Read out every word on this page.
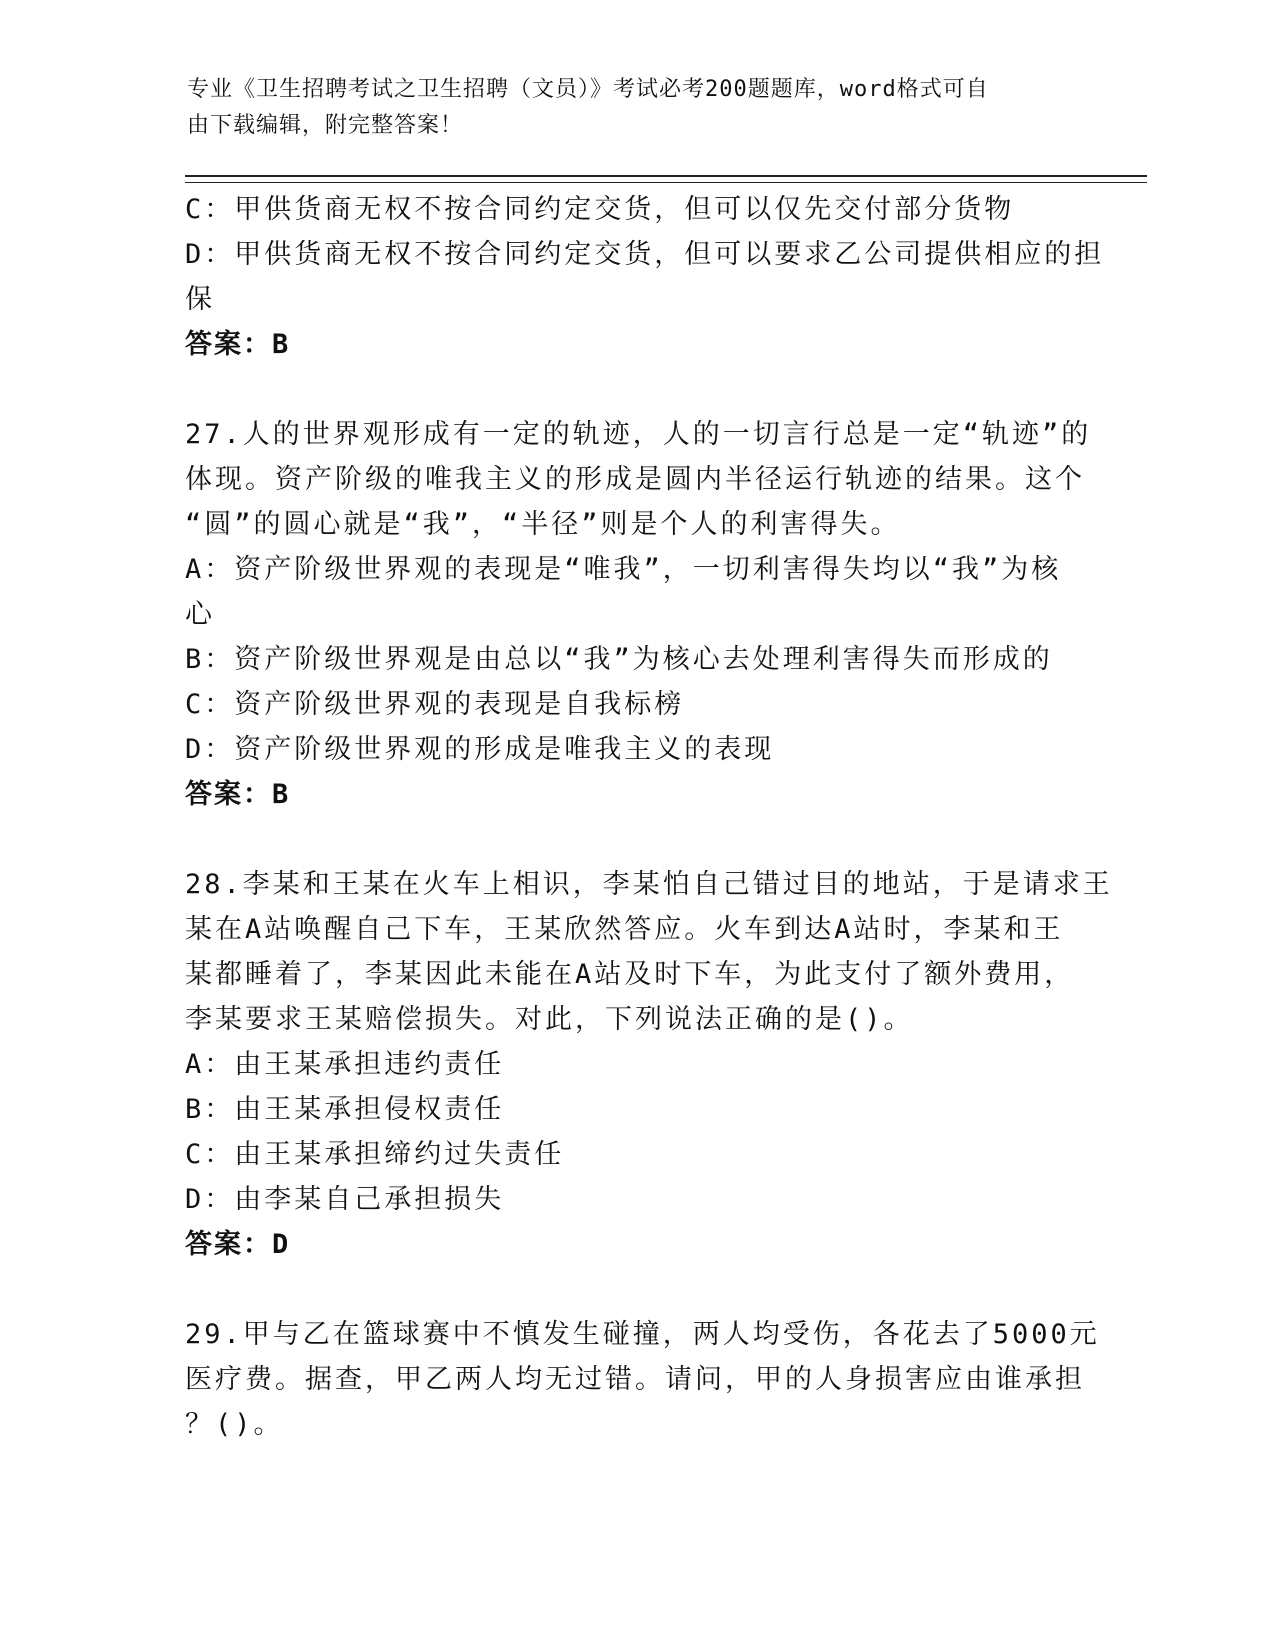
专业《卫生招聘考试之卫生招聘（文员）》考试必考200题题库，word格式可自
由下载编辑，附完整答案！
C：甲供货商无权不按合同约定交货，但可以仅先交付部分货物
D：甲供货商无权不按合同约定交货，但可以要求乙公司提供相应的担
保
答案：B
27.人的世界观形成有一定的轨迹，人的一切言行总是一定“轨迹”的
体现。资产阶级的唯我主义的形成是圆内半径运行轨迹的结果。这个
“圆”的圆心就是“我”，“半径”则是个人的利害得失。
A：资产阶级世界观的表现是“唯我”，一切利害得失均以“我”为核
心
B：资产阶级世界观是由总以“我”为核心去处理利害得失而形成的
C：资产阶级世界观的表现是自我标榜
D：资产阶级世界观的形成是唯我主义的表现
答案：B
28.李某和王某在火车上相识，李某怕自己错过目的地站，于是请求王
某在A站唤醒自己下车，王某欣然答应。火车到达A站时，李某和王
某都睡着了，李某因此未能在A站及时下车，为此支付了额外费用，
李某要求王某赔偿损失。对此，下列说法正确的是()。
A：由王某承担违约责任
B：由王某承担侵权责任
C：由王某承担缔约过失责任
D：由李某自己承担损失
答案：D
29.甲与乙在篮球赛中不慎发生碰撞，两人均受伤，各花去了5000元
医疗费。据查，甲乙两人均无过错。请问，甲的人身损害应由谁承担
？()。
